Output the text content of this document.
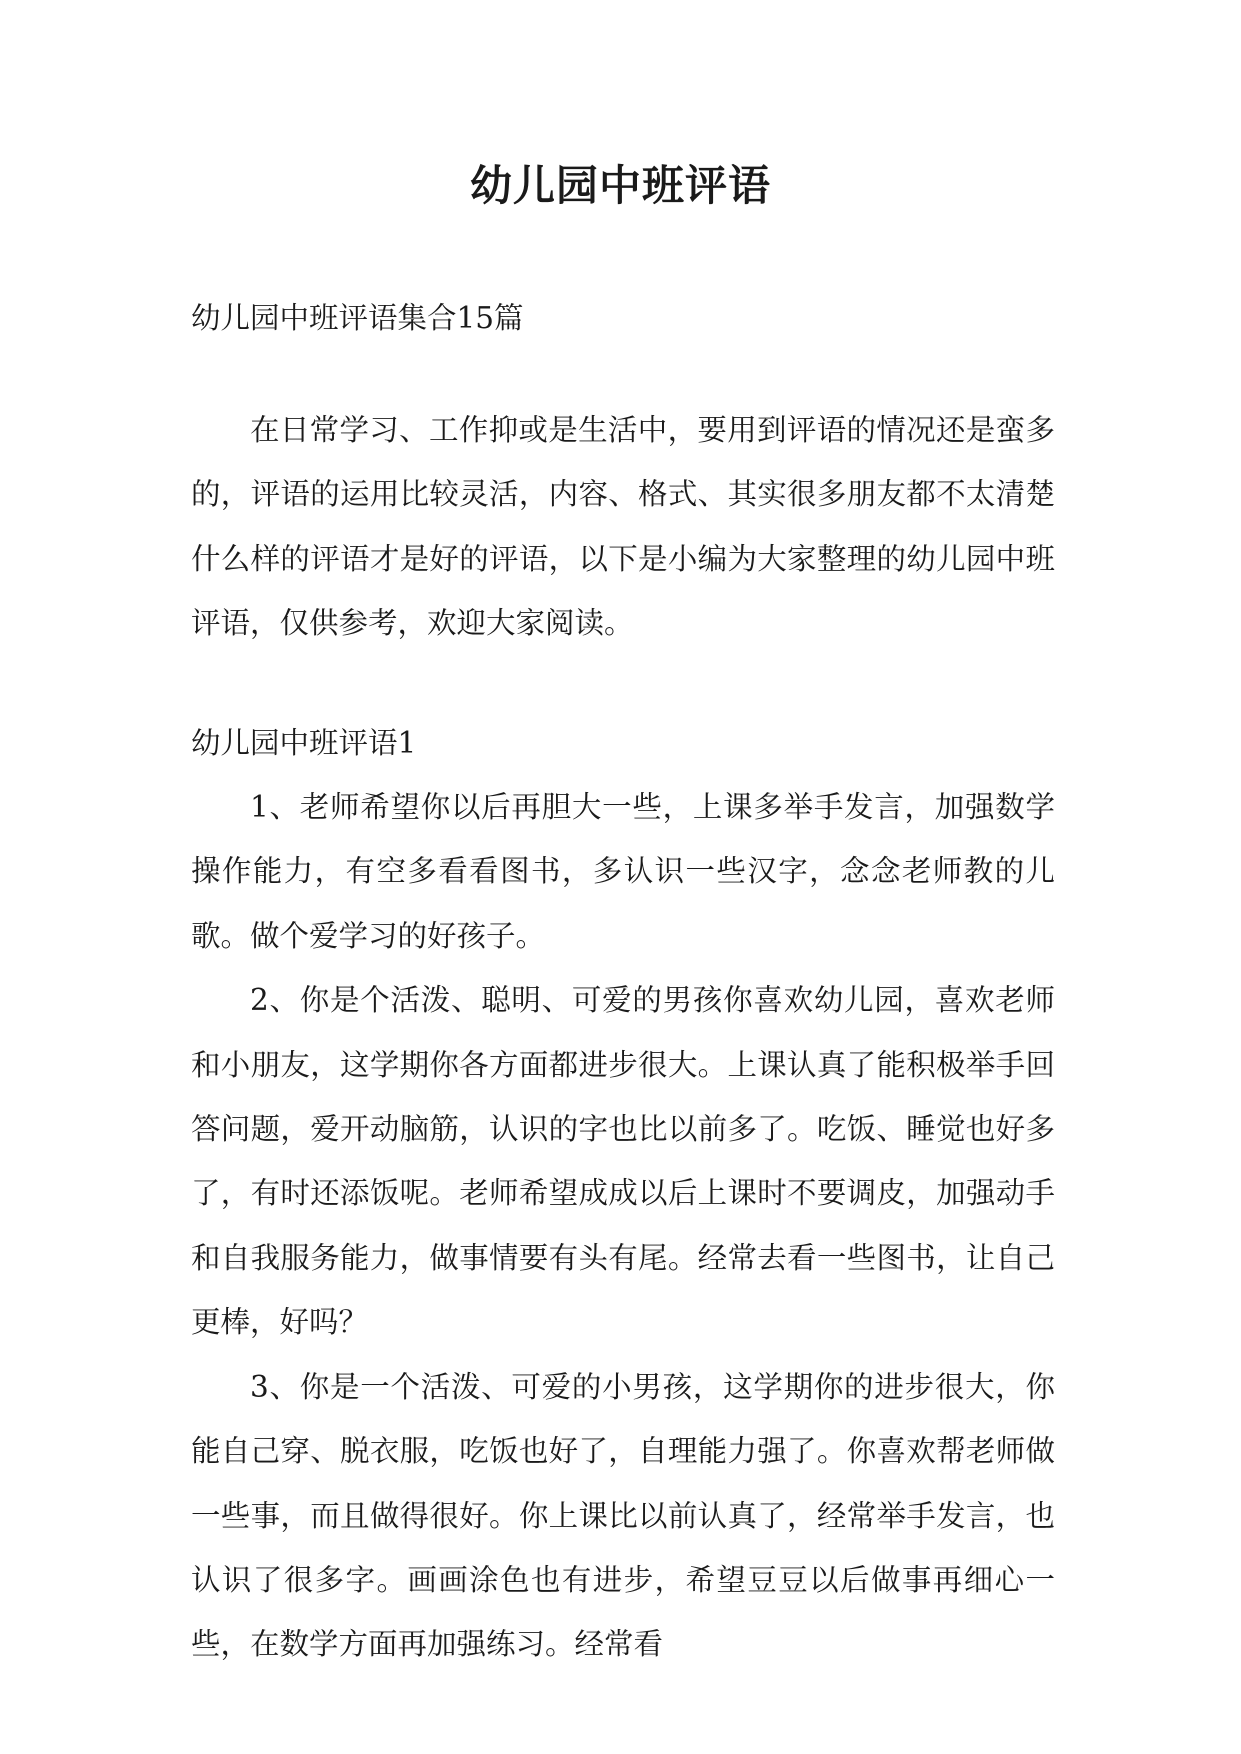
幼儿园中班评语

幼儿园中班评语集合15篇

在日常学习、工作抑或是生活中，要用到评语的情况还是蛮多的，评语的运用比较灵活，内容、格式、其实很多朋友都不太清楚什么样的评语才是好的评语，以下是小编为大家整理的幼儿园中班评语，仅供参考，欢迎大家阅读。

幼儿园中班评语1

1、老师希望你以后再胆大一些，上课多举手发言，加强数学操作能力，有空多看看图书，多认识一些汉字，念念老师教的儿歌。做个爱学习的好孩子。

2、你是个活泼、聪明、可爱的男孩你喜欢幼儿园，喜欢老师和小朋友，这学期你各方面都进步很大。上课认真了能积极举手回答问题，爱开动脑筋，认识的字也比以前多了。吃饭、睡觉也好多了，有时还添饭呢。老师希望成成以后上课时不要调皮，加强动手和自我服务能力，做事情要有头有尾。经常去看一些图书，让自己更棒，好吗？

3、你是一个活泼、可爱的小男孩，这学期你的进步很大，你能自己穿、脱衣服，吃饭也好了，自理能力强了。你喜欢帮老师做一些事，而且做得很好。你上课比以前认真了，经常举手发言，也认识了很多字。画画涂色也有进步，希望豆豆以后做事再细心一些，在数学方面再加强练习。经常看
